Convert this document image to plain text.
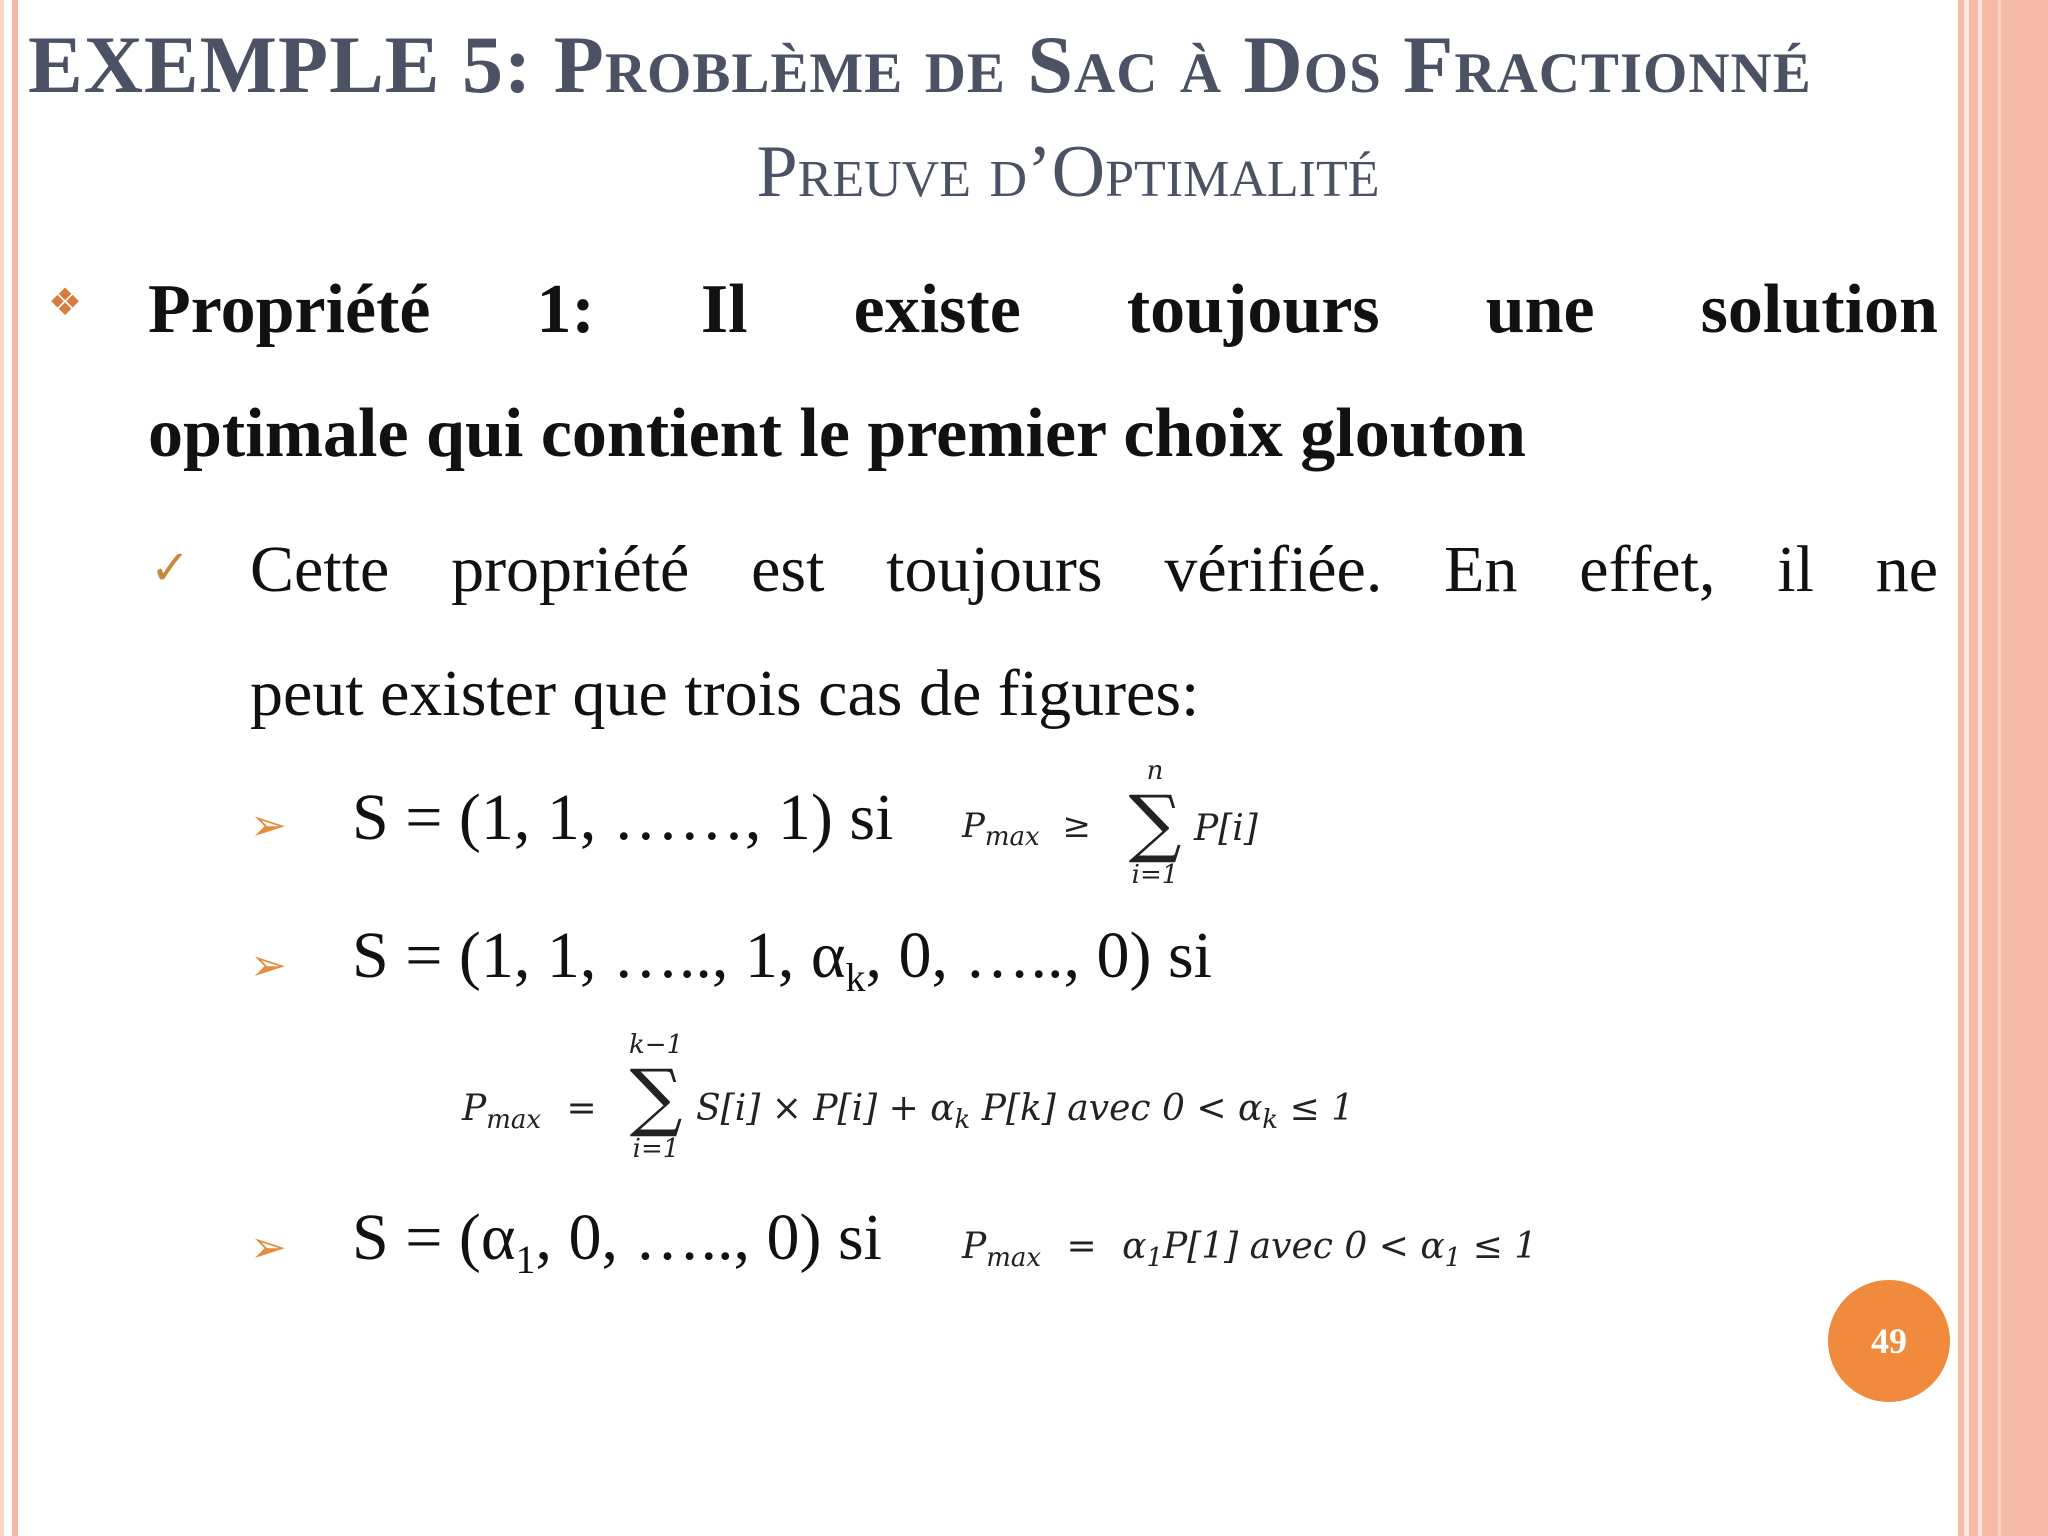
EXEMPLE 5: Problème de Sac à Dos Fractionné
Preuve d’Optimalité
❖ Propriété 1: Il existe toujours une solution
optimale qui contient le premier choix glouton
✓ Cette propriété est toujours vérifiée. En effet, il ne
peut exister que trois cas de figures:
➢ S = (1, 1, ……, 1) si $P_{max}$ ≥
n
∑
i=1
P[i]
➢ S = (1, 1, ….., 1, $\alpha_k$, 0, ….., 0) si
$P_{max}$ =
k−1
∑
i=1
$S[i] \times P[i] + \alpha_k$ P[k] avec $0 < \alpha_k \le 1$
➢ $S = (\alpha_1$, 0, ….., 0) si $P_{max} = \alpha_1P[1]$ avec $0 < \alpha_1 \le 1$
49
